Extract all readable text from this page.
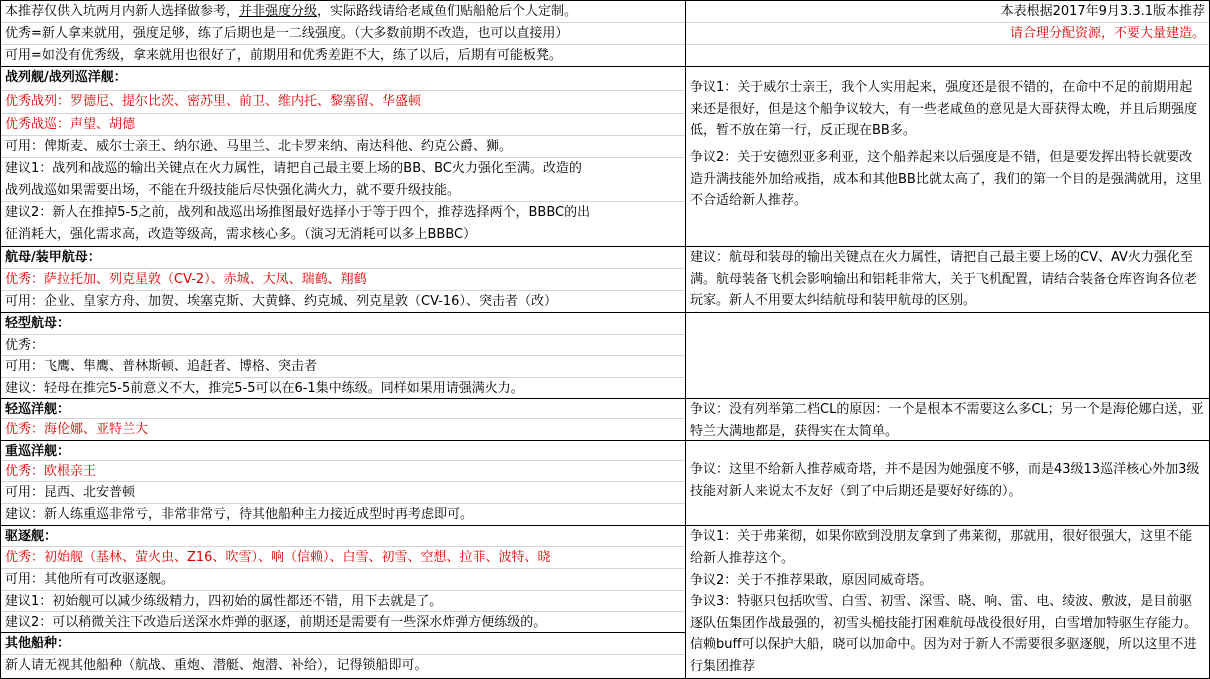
本推荐仅供入坑两月内新人选择做参考，并非强度分级，实际路线请给老咸鱼们贴船舱后个人定制。
优秀=新人拿来就用，强度足够，练了后期也是一二线强度。（大多数前期不改造，也可以直接用）
可用=如没有优秀级，拿来就用也很好了，前期用和优秀差距不大，练了以后，后期有可能板凳。
战列舰/战列巡洋舰：
优秀战列：罗德尼、提尔比茨、密苏里、前卫、维内托、黎塞留、华盛顿
优秀战巡：声望、胡德
可用：俾斯麦、威尔士亲王、纳尔逊、马里兰、北卡罗来纳、南达科他、约克公爵、狮。
建议1：战列和战巡的输出关键点在火力属性，请把自己最主要上场的BB、BC火力强化至满。改造的
战列战巡如果需要出场，不能在升级技能后尽快强化满火力，就不要升级技能。
建议2：新人在推掉5-5之前，战列和战巡出场推图最好选择小于等于四个，推荐选择两个，BBBC的出
征消耗大，强化需求高，改造等级高，需求核心多。（演习无消耗可以多上BBBC）
航母/装甲航母：
优秀：萨拉托加、列克星敦（CV-2）、赤城、大凤、瑞鹤、翔鹤
可用：企业、皇家方舟、加贺、埃塞克斯、大黄蜂、约克城、列克星敦（CV-16）、突击者（改）
轻型航母：
优秀：
可用：飞鹰、隼鹰、普林斯顿、追赶者、博格、突击者
建议：轻母在推完5-5前意义不大，推完5-5可以在6-1集中练级。同样如果用请强满火力。
轻巡洋舰：
优秀：海伦娜、亚特兰大
重巡洋舰：
优秀：欧根亲王
可用：昆西、北安普顿
建议：新人练重巡非常亏，非常非常亏，待其他船种主力接近成型时再考虑即可。
驱逐舰：
优秀：初始舰（基林、萤火虫、Z16、吹雪）、响（信赖）、白雪、初雪、空想、拉菲、波特、晓
可用：其他所有可改驱逐舰。
建议1：初始舰可以减少练级精力，四初始的属性都还不错，用下去就是了。
建议2：可以稍微关注下改造后送深水炸弹的驱逐，前期还是需要有一些深水炸弹方便练级的。
其他船种：
新人请无视其他船种（航战、重炮、潜艇、炮潜、补给），记得锁船即可。
本表根据2017年9月3.3.1版本推荐
请合理分配资源，不要大量建造。
争议1：关于威尔士亲王，我个人实用起来，强度还是很不错的，在命中不足的前期用起来还是很好，但是这个船争议较大，有一些老咸鱼的意见是大哥获得太晚，并且后期强度低，暂不放在第一行，反正现在BB多。
争议2：关于安德烈亚多利亚，这个船养起来以后强度是不错，但是要发挥出特长就要改造升满技能外加给戒指，成本和其他BB比就太高了，我们的第一个目的是强满就用，这里不合适给新人推荐。
建议：航母和装母的输出关键点在火力属性，请把自己最主要上场的CV、AV火力强化至满。航母装备飞机会影响输出和铝耗非常大，关于飞机配置，请结合装备仓库咨询各位老玩家。新人不用要太纠结航母和装甲航母的区别。
争议：没有列举第二档CL的原因：一个是根本不需要这么多CL；另一个是海伦娜白送，亚特兰大满地都是，获得实在太简单。
争议：这里不给新人推荐威奇塔，并不是因为她强度不够，而是43级13巡洋核心外加3级技能对新人来说太不友好（到了中后期还是要好好练的）。
争议1：关于弗莱彻，如果你欧到没朋友拿到了弗莱彻，那就用，很好很强大，这里不能给新人推荐这个。
争议2：关于不推荐果敢，原因同威奇塔。
争议3：特驱只包括吹雪、白雪、初雪、深雪、晓、响、雷、电、绫波、敷波，是目前驱逐队伍集团作战最强的，初雪头槌技能打困难航母战役很好用，白雪增加特驱生存能力。信赖buff可以保护大船，晓可以加命中。因为对于新人不需要很多驱逐舰，所以这里不进行集团推荐
